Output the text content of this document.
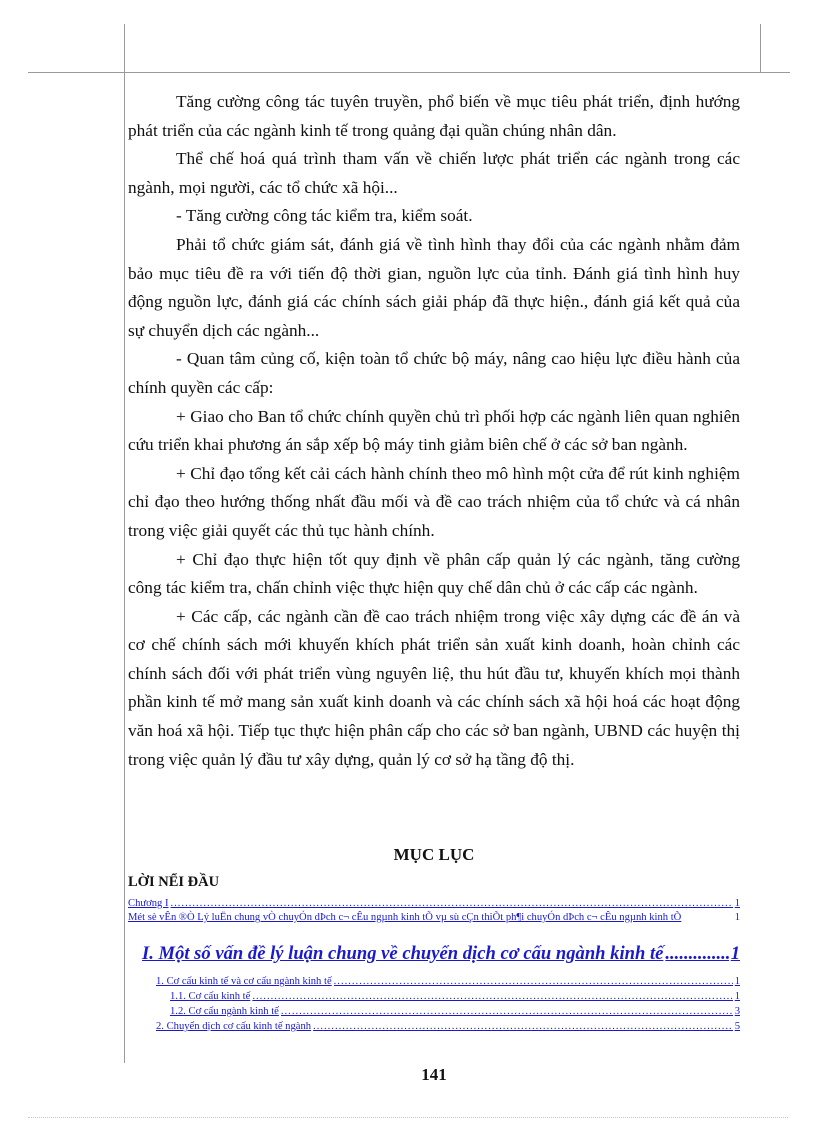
Tăng cường công tác tuyên truyền, phổ biến về mục tiêu phát triển, định hướng phát triển của các ngành kinh tế trong quảng đại quần chúng nhân dân.

Thể chế hoá quá trình tham vấn về chiến lược phát triển các ngành trong các ngành, mọi người, các tổ chức xã hội...

- Tăng cường công tác kiểm tra, kiểm soát.

Phải tổ chức giám sát, đánh giá về tình hình thay đổi của các ngành nhằm đảm bảo mục tiêu đề ra với tiến độ thời gian, nguồn lực của tỉnh. Đánh giá tình hình huy động nguồn lực, đánh giá các chính sách giải pháp đã thực hiện., đánh giá kết quả của sự chuyển dịch các ngành...

- Quan tâm củng cố, kiện toàn tổ chức bộ máy, nâng cao hiệu lực điều hành của chính quyền các cấp:

+ Giao cho Ban tổ chức chính quyền chủ trì phối hợp các ngành liên quan nghiên cứu triển khai phương án sắp xếp bộ máy tinh giảm biên chế ở các sở ban ngành.

+ Chỉ đạo tổng kết cải cách hành chính theo mô hình một cửa để rút kinh nghiệm chỉ đạo theo hướng thống nhất đầu mối và đề cao trách nhiệm của tổ chức và cá nhân trong việc giải quyết các thủ tục hành chính.

+ Chỉ đạo thực hiện tốt quy định về phân cấp quản lý các ngành, tăng cường công tác kiểm tra, chấn chỉnh việc thực hiện quy chế dân chủ ở các cấp các ngành.

+ Các cấp, các ngành cần đề cao trách nhiệm trong việc xây dựng các đề án và cơ chế chính sách mới khuyến khích phát triển sản xuất kinh doanh, hoàn chỉnh các chính sách đối với phát triển vùng nguyên liệ, thu hút đầu tư, khuyến khích mọi thành phần kinh tế mở mang sản xuất kinh doanh và các chính sách xã hội hoá các hoạt động văn hoá xã hội. Tiếp tục thực hiện phân cấp cho các sở ban ngành, UBND các huyện thị trong việc quản lý đầu tư xây dựng, quản lý cơ sở hạ tầng độ thị.

MỤC LỤC
LỜI NỂI ĐẦU
Chương I .....	1
Mét sè vÊn ®Ò Lý luËn chung vÒ chuyÓn dÞch c¬ cÊu ngµnh kinh tÕ vµ sù cÇn thiÕt ph¶i chuyÓn dÞch c¬ cÊu ngµnh kinh tÕ	1
I. Một số vấn đề lý luận chung về chuyển dịch cơ cấu ngành kinh tế .....	1
1. Cơ cấu kinh tế và cơ cấu ngành kinh tế .....	1
1.1. Cơ cấu kinh tế .....	1
1.2. Cơ cấu ngành kinh tế .....	3
2. Chuyển dịch cơ cấu kinh tế ngành .....	5
141
